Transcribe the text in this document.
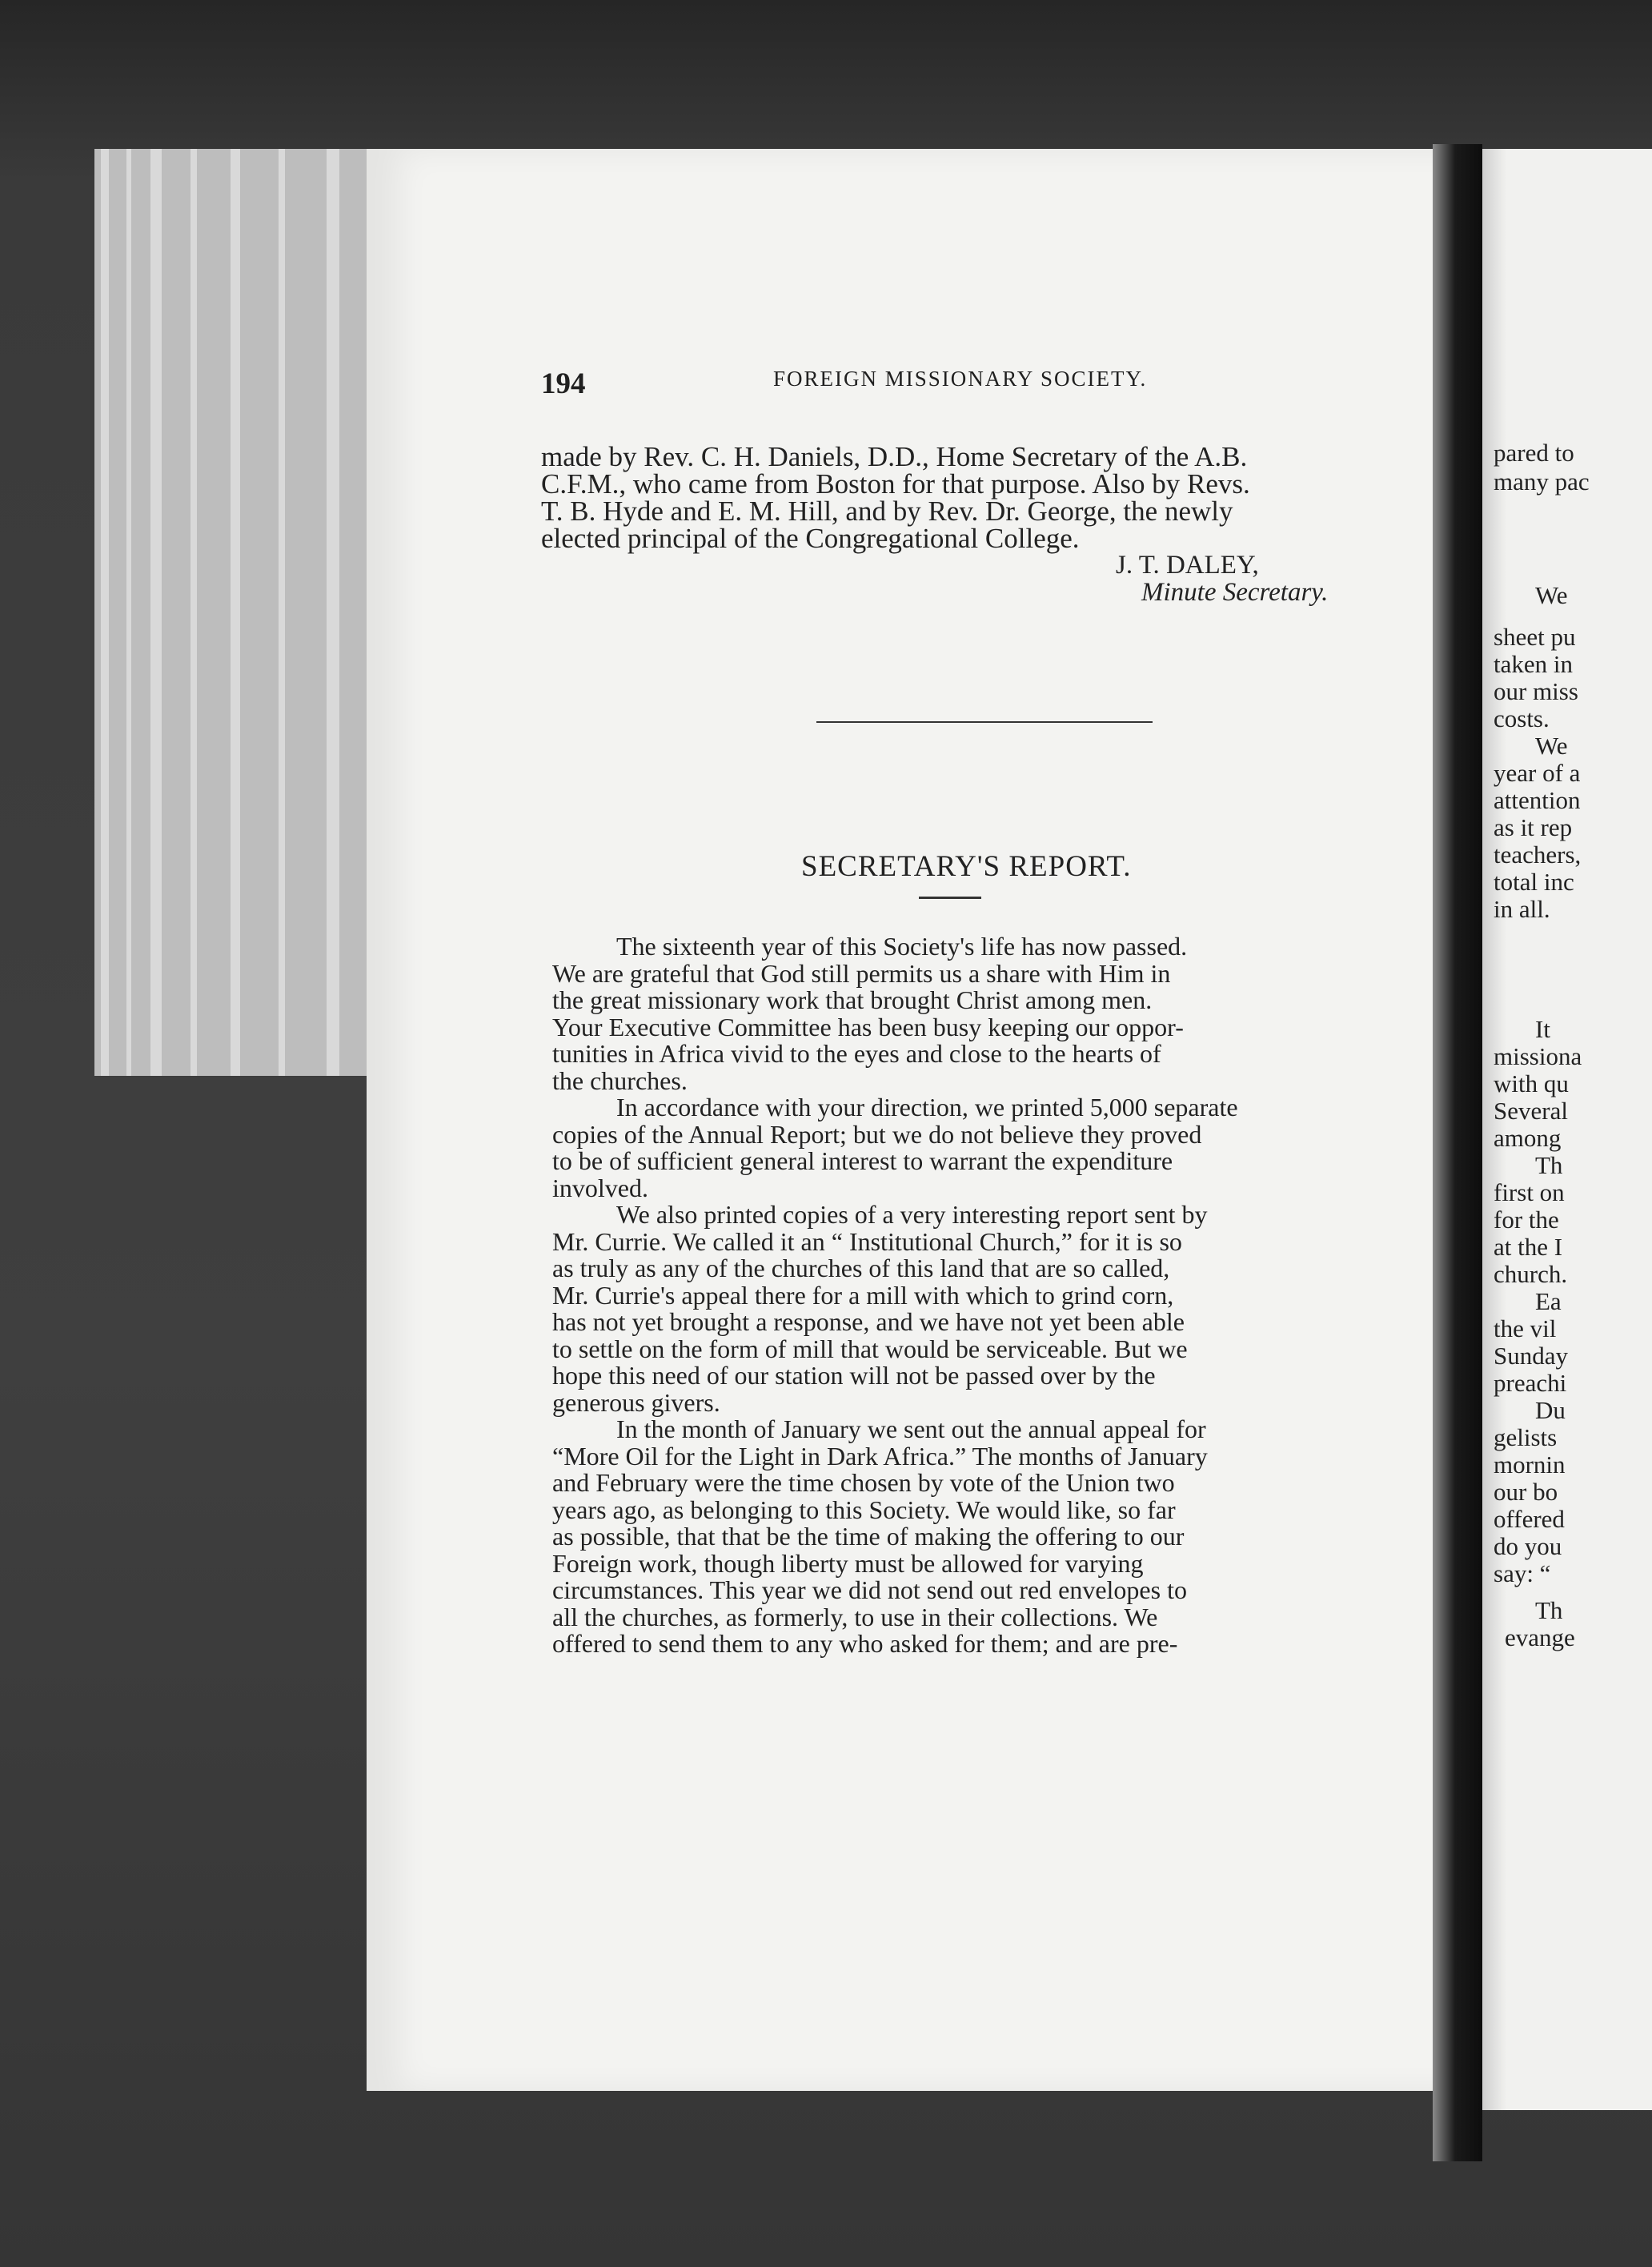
194	FOREIGN MISSIONARY SOCIETY.
made by Rev. C. H. Daniels, D.D., Home Secretary of the A.B.
C.F.M., who came from Boston for that purpose. Also by Revs.
T. B. Hyde and E. M. Hill, and by Rev. Dr. George, the newly
elected principal of the Congregational College.
J. T. DALEY,
Minute Secretary.
SECRETARY'S REPORT.
The sixteenth year of this Society's life has now passed.
We are grateful that God still permits us a share with Him in
the great missionary work that brought Christ among men.
Your Executive Committee has been busy keeping our oppor-
tunities in Africa vivid to the eyes and close to the hearts of
the churches.
In accordance with your direction, we printed 5,000 separate
copies of the Annual Report; but we do not believe they proved
to be of sufficient general interest to warrant the expenditure
involved.
We also printed copies of a very interesting report sent by
Mr. Currie. We called it an “ Institutional Church,” for it is so
as truly as any of the churches of this land that are so called,
Mr. Currie's appeal there for a mill with which to grind corn,
has not yet brought a response, and we have not yet been able
to settle on the form of mill that would be serviceable. But we
hope this need of our station will not be passed over by the
generous givers.
In the month of January we sent out the annual appeal for
“More Oil for the Light in Dark Africa.” The months of January
and February were the time chosen by vote of the Union two
years ago, as belonging to this Society. We would like, so far
as possible, that that be the time of making the offering to our
Foreign work, though liberty must be allowed for varying
circumstances. This year we did not send out red envelopes to
all the churches, as formerly, to use in their collections. We
offered to send them to any who asked for them; and are pre-
pared to
many pac
We
sheet pu
taken in
our miss
costs.
We
year of a
attention
as it rep
teachers,
total inc
in all.
It
missiona
with qu
Several
among
Th
first on
for the
at the I
church.
Ea
the vil
Sunday
preachi
Du
gelists
mornin
our bo
offered
do you
say: “
Th
evange
